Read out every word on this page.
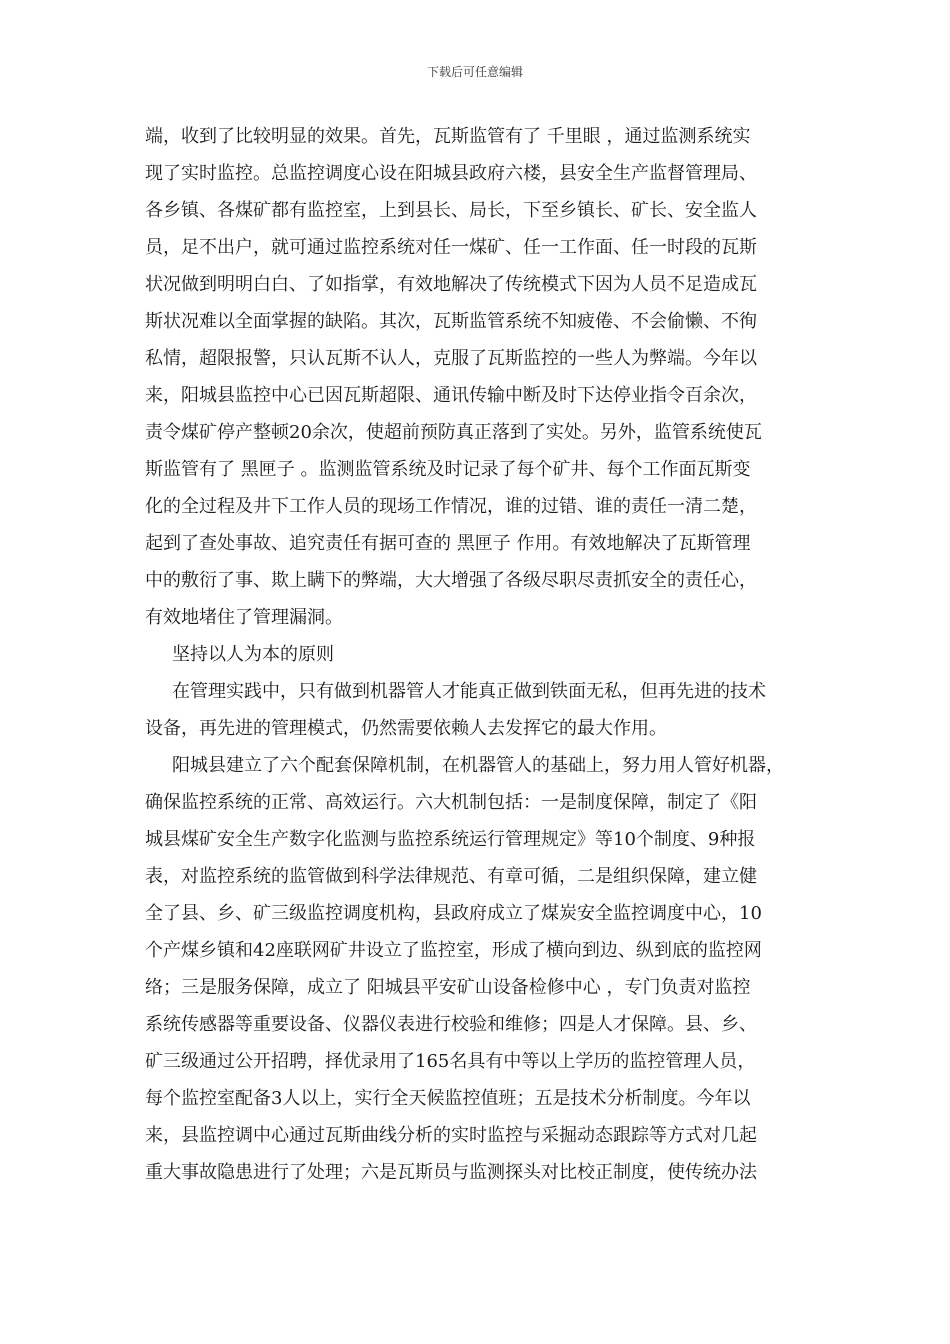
下载后可任意编辑
端，收到了比较明显的效果。首先，瓦斯监管有了 千里眼 ，通过监测系统实
现了实时监控。总监控调度心设在阳城县政府六楼，县安全生产监督管理局、
各乡镇、各煤矿都有监控室，上到县长、局长，下至乡镇长、矿长、安全监人
员，足不出户，就可通过监控系统对任一煤矿、任一工作面、任一时段的瓦斯
状况做到明明白白、了如指掌，有效地解决了传统模式下因为人员不足造成瓦
斯状况难以全面掌握的缺陷。其次，瓦斯监管系统不知疲倦、不会偷懒、不徇
私情，超限报警，只认瓦斯不认人，克服了瓦斯监控的一些人为弊端。今年以
来，阳城县监控中心已因瓦斯超限、通讯传输中断及时下达停业指令百余次，
责令煤矿停产整顿20余次，使超前预防真正落到了实处。另外，监管系统使瓦
斯监管有了 黑匣子 。监测监管系统及时记录了每个矿井、每个工作面瓦斯变
化的全过程及井下工作人员的现场工作情况，谁的过错、谁的责任一清二楚，
起到了查处事故、追究责任有据可查的 黑匣子 作用。有效地解决了瓦斯管理
中的敷衍了事、欺上瞒下的弊端，大大增强了各级尽职尽责抓安全的责任心，
有效地堵住了管理漏洞。
坚持以人为本的原则
在管理实践中，只有做到机器管人才能真正做到铁面无私，但再先进的技术
设备，再先进的管理模式，仍然需要依赖人去发挥它的最大作用。
阳城县建立了六个配套保障机制，在机器管人的基础上，努力用人管好机器，
确保监控系统的正常、高效运行。六大机制包括：一是制度保障，制定了《阳
城县煤矿安全生产数字化监测与监控系统运行管理规定》等10个制度、9种报
表，对监控系统的监管做到科学法律规范、有章可循，二是组织保障，建立健
全了县、乡、矿三级监控调度机构，县政府成立了煤炭安全监控调度中心，10
个产煤乡镇和42座联网矿井设立了监控室，形成了横向到边、纵到底的监控网
络；三是服务保障，成立了 阳城县平安矿山设备检修中心 ，专门负责对监控
系统传感器等重要设备、仪器仪表进行校验和维修；四是人才保障。县、乡、
矿三级通过公开招聘，择优录用了165名具有中等以上学历的监控管理人员，
每个监控室配备3人以上，实行全天候监控值班；五是技术分析制度。今年以
来，县监控调中心通过瓦斯曲线分析的实时监控与采掘动态跟踪等方式对几起
重大事故隐患进行了处理；六是瓦斯员与监测探头对比校正制度，使传统办法
